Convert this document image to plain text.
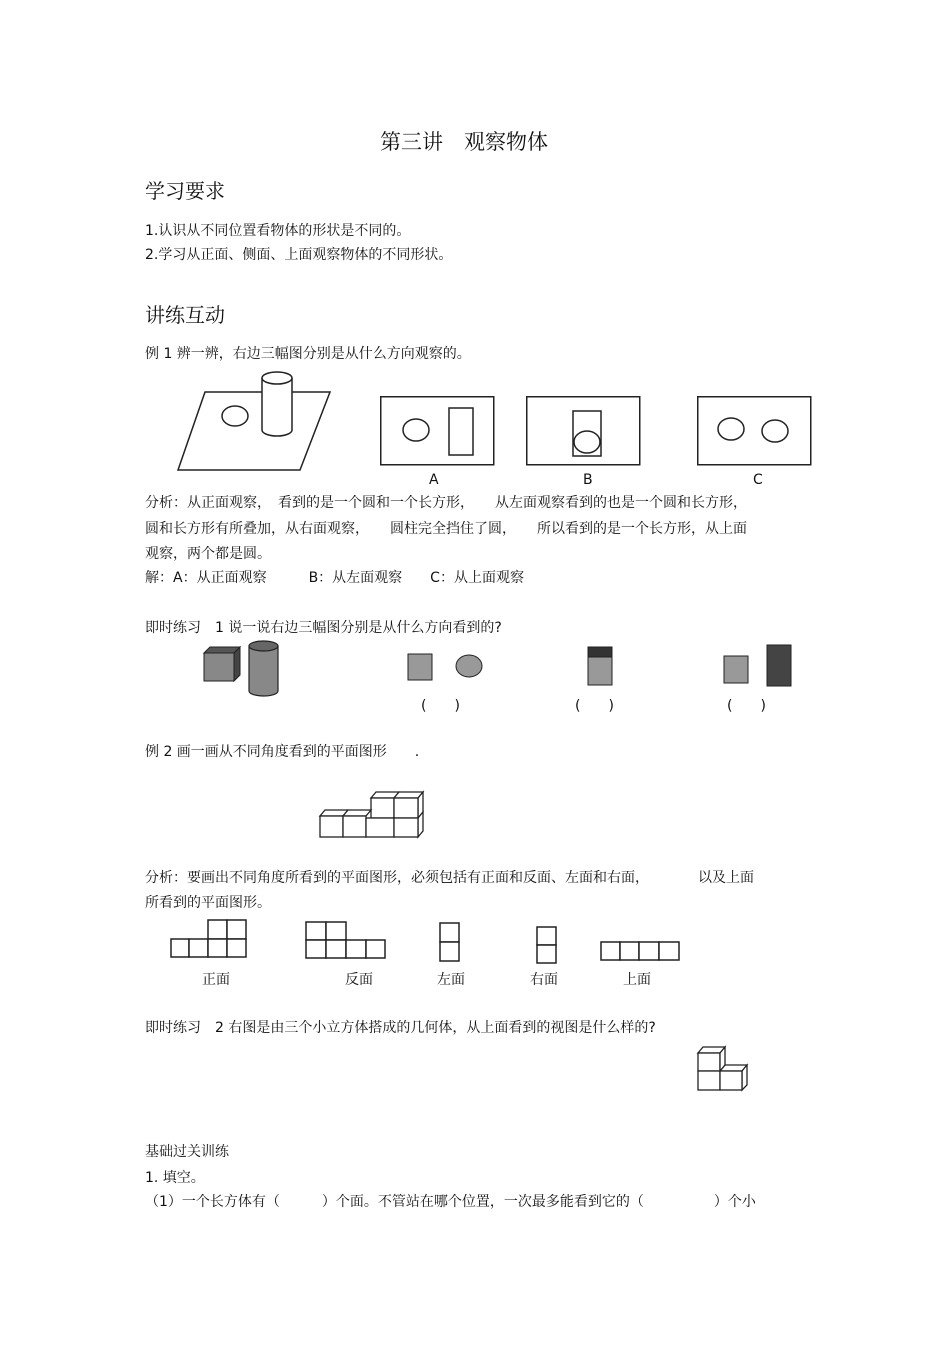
第三讲　观察物体
学习要求
1.认识从不同位置看物体的形状是不同的。
2.学习从正面、侧面、上面观察物体的不同形状。
讲练互动
例 1 辨一辨，右边三幅图分别是从什么方向观察的。
A	B	C
分析：从正面观察，　看到的是一个圆和一个长方形，　　从左面观察看到的也是一个圆和长方形，
圆和长方形有所叠加，从右面观察，　　圆柱完全挡住了圆，　　所以看到的是一个长方形，从上面
观察，两个都是圆。
解：A：从正面观察　　　B：从左面观察　　C：从上面观察
即时练习　1 说一说右边三幅图分别是从什么方向看到的?
(　　)	(　　)	(　　)
例 2 画一画从不同角度看到的平面图形　　.
分析：要画出不同角度所看到的平面图形，必须包括有正面和反面、左面和右面，　　　　以及上面
所看到的平面图形。
正面	反面	左面	右面	上面
即时练习　2 右图是由三个小立方体搭成的几何体，从上面看到的视图是什么样的?
基础过关训练
1. 填空。
（1）一个长方体有（　　　）个面。不管站在哪个位置，一次最多能看到它的（　　　　　）个小
